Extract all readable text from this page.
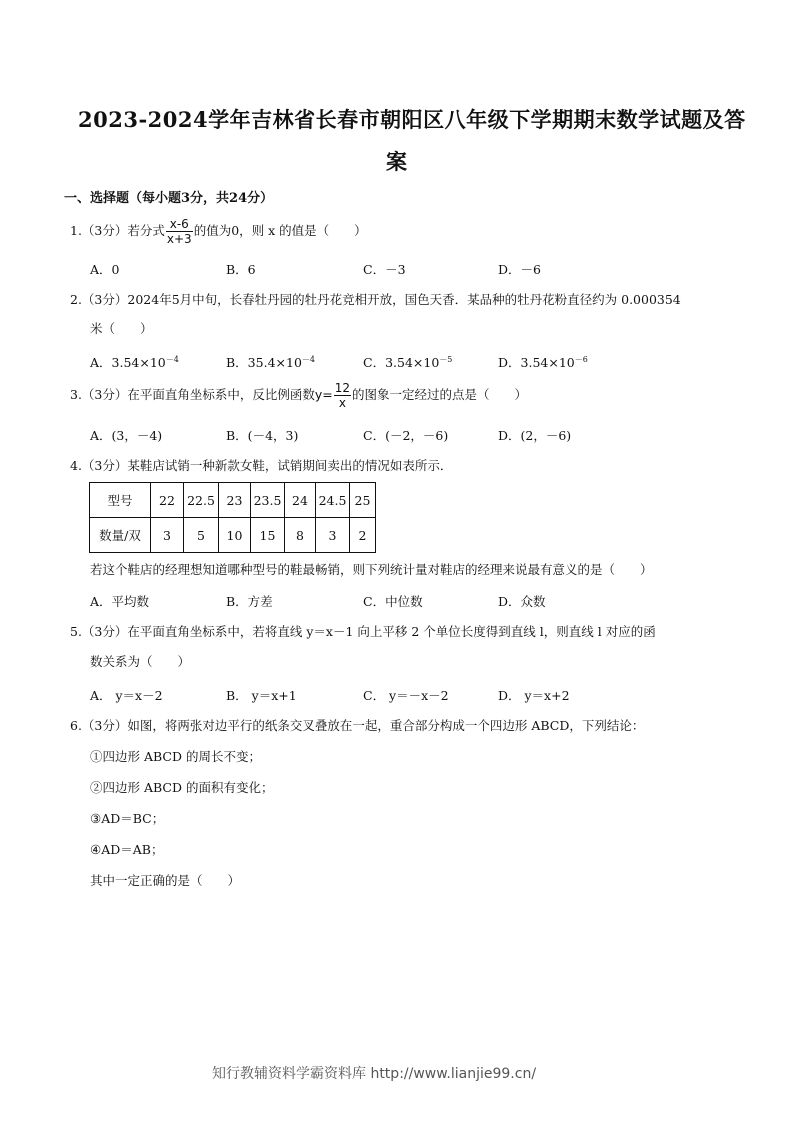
2023-2024学年吉林省长春市朝阳区八年级下学期期末数学试题及答
案
一、选择题（每小题3分，共24分）
1.（3分）若分式 $\frac{x-6}{x+3}$ 的值为0，则 x 的值是（　　）
A．0	B．6	C．－3	D．－6
2.（3分）2024年5月中旬，长春牡丹园的牡丹花竞相开放，国色天香．某品种的牡丹花粉直径约为 0.000354
米（　　）
A．$3.54\times 10^{-4}$	B．$35.4\times 10^{-4}$	C．$3.54\times 10^{-5}$	D．$3.54\times 10^{-6}$
3.（3分）在平面直角坐标系中，反比例函数$y= \frac{12}{x}$ 的图象一定经过的点是（　　）
A．(3，－4)	B．(－4，3)	C．(－2，－6)	D．(2，－6)
4.（3分）某鞋店试销一种新款女鞋，试销期间卖出的情况如表所示．
型号	22	22.5	23	23.5	24	24.5	25
数量/双	3	5	10	15	8	3	2
若这个鞋店的经理想知道哪种型号的鞋最畅销，则下列统计量对鞋店的经理来说最有意义的是（　　）
A．平均数	B．方差	C．中位数	D．众数
5.（3分）在平面直角坐标系中，若将直线 y＝x－1 向上平移 2 个单位长度得到直线 l，则直线 l 对应的函
数关系为（　　）
A． y＝x－2	B． y＝x+1	C． y＝－x－2	D． y＝x+2
6.（3分）如图，将两张对边平行的纸条交叉叠放在一起，重合部分构成一个四边形 ABCD，下列结论：
①四边形 ABCD 的周长不变；
②四边形 ABCD 的面积有变化；
③AD＝BC；
④AD＝AB；
其中一定正确的是（　　）
知行教辅资料学霸资料库 http://www.lianjie99.cn/
